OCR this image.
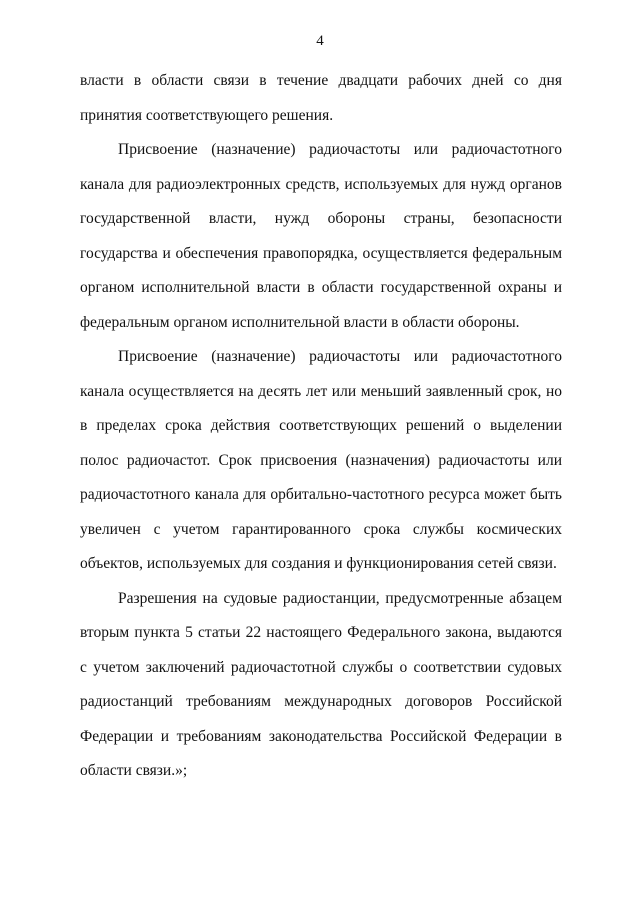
4

власти в области связи в течение двадцати рабочих дней со дня принятия соответствующего решения.

Присвоение (назначение) радиочастоты или радиочастотного канала для радиоэлектронных средств, используемых для нужд органов государственной власти, нужд обороны страны, безопасности государства и обеспечения правопорядка, осуществляется федеральным органом исполнительной власти в области государственной охраны и федеральным органом исполнительной власти в области обороны.

Присвоение (назначение) радиочастоты или радиочастотного канала осуществляется на десять лет или меньший заявленный срок, но в пределах срока действия соответствующих решений о выделении полос радиочастот. Срок присвоения (назначения) радиочастоты или радиочастотного канала для орбитально-частотного ресурса может быть увеличен с учетом гарантированного срока службы космических объектов, используемых для создания и функционирования сетей связи.

Разрешения на судовые радиостанции, предусмотренные абзацем вторым пункта 5 статьи 22 настоящего Федерального закона, выдаются с учетом заключений радиочастотной службы о соответствии судовых радиостанций требованиям международных договоров Российской Федерации и требованиям законодательства Российской Федерации в области связи.»;
